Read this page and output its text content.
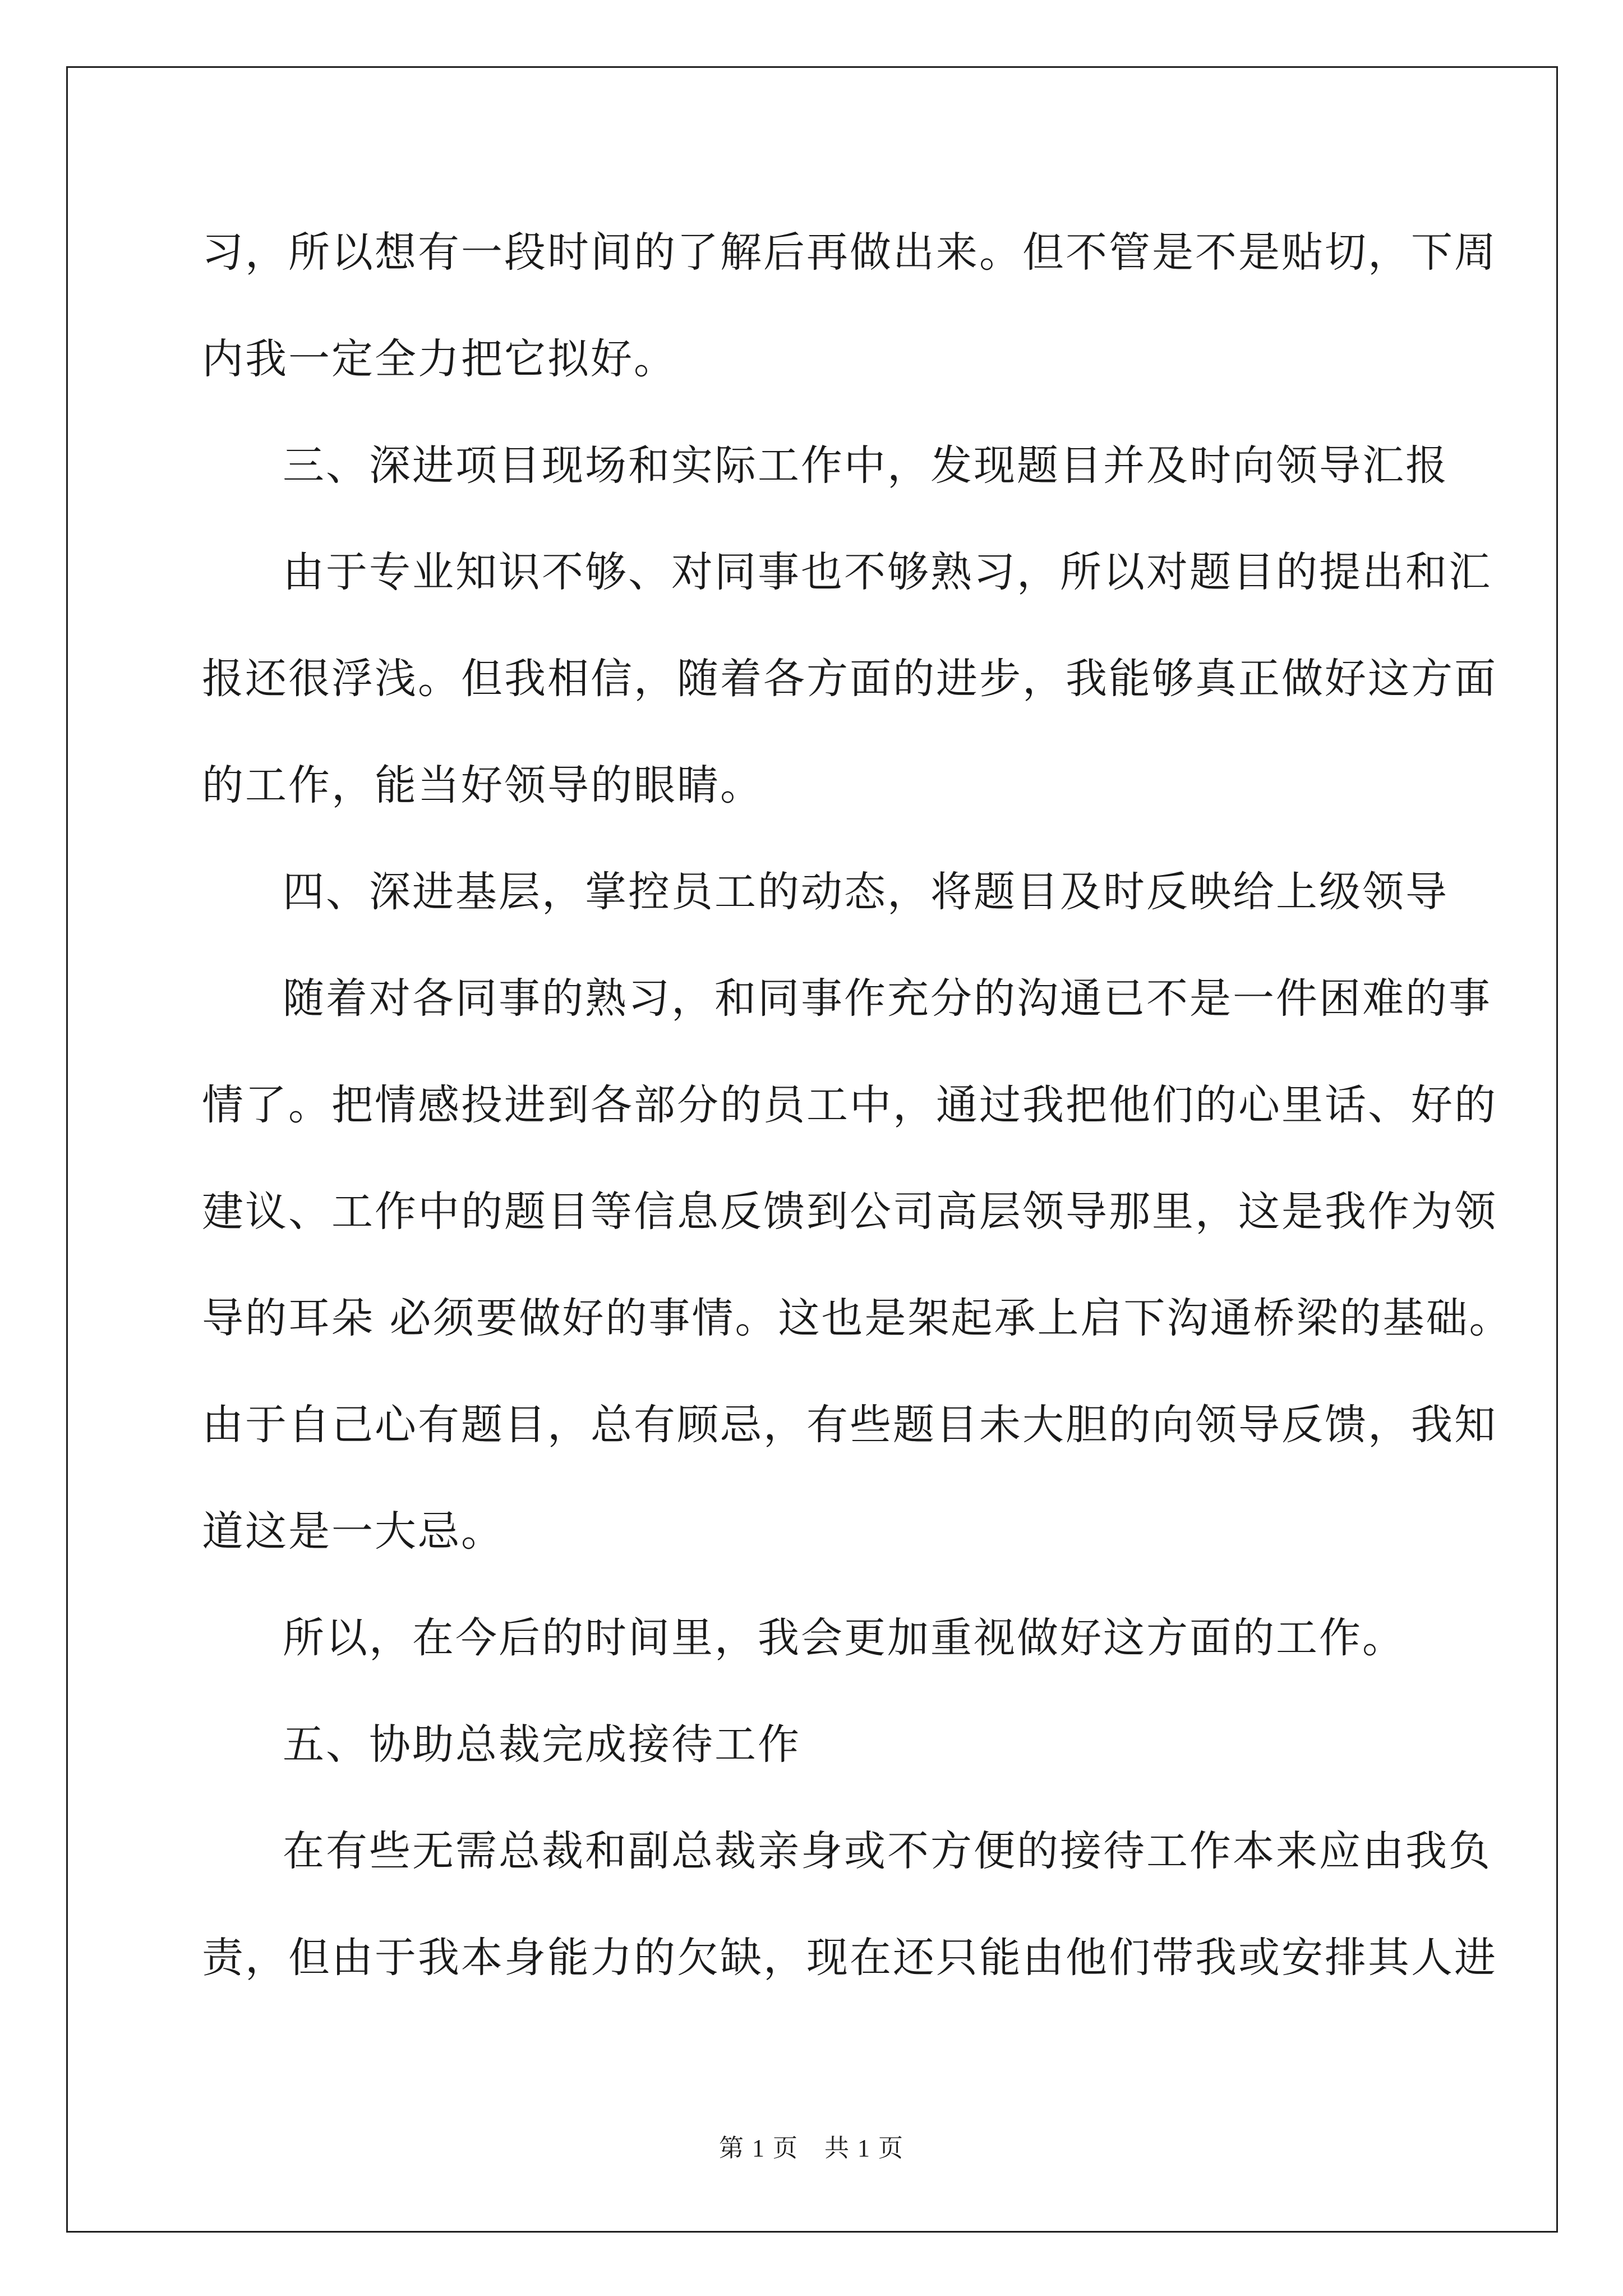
习，所以想有一段时间的了解后再做出来。但不管是不是贴切，下周
内我一定全力把它拟好。
三、深进项目现场和实际工作中，发现题目并及时向领导汇报
由于专业知识不够、对同事也不够熟习，所以对题目的提出和汇
报还很浮浅。但我相信，随着各方面的进步，我能够真正做好这方面
的工作，能当好领导的眼睛。
四、深进基层，掌控员工的动态，将题目及时反映给上级领导
随着对各同事的熟习，和同事作充分的沟通已不是一件困难的事
情了。把情感投进到各部分的员工中，通过我把他们的心里话、好的
建议、工作中的题目等信息反馈到公司高层领导那里，这是我作为领
导的耳朵 必须要做好的事情。这也是架起承上启下沟通桥梁的基础。
由于自己心有题目，总有顾忌，有些题目未大胆的向领导反馈，我知
道这是一大忌。
所以，在今后的时间里，我会更加重视做好这方面的工作。
五、协助总裁完成接待工作
在有些无需总裁和副总裁亲身或不方便的接待工作本来应由我负
责，但由于我本身能力的欠缺，现在还只能由他们带我或安排其人进
第 1 页　共 1 页
